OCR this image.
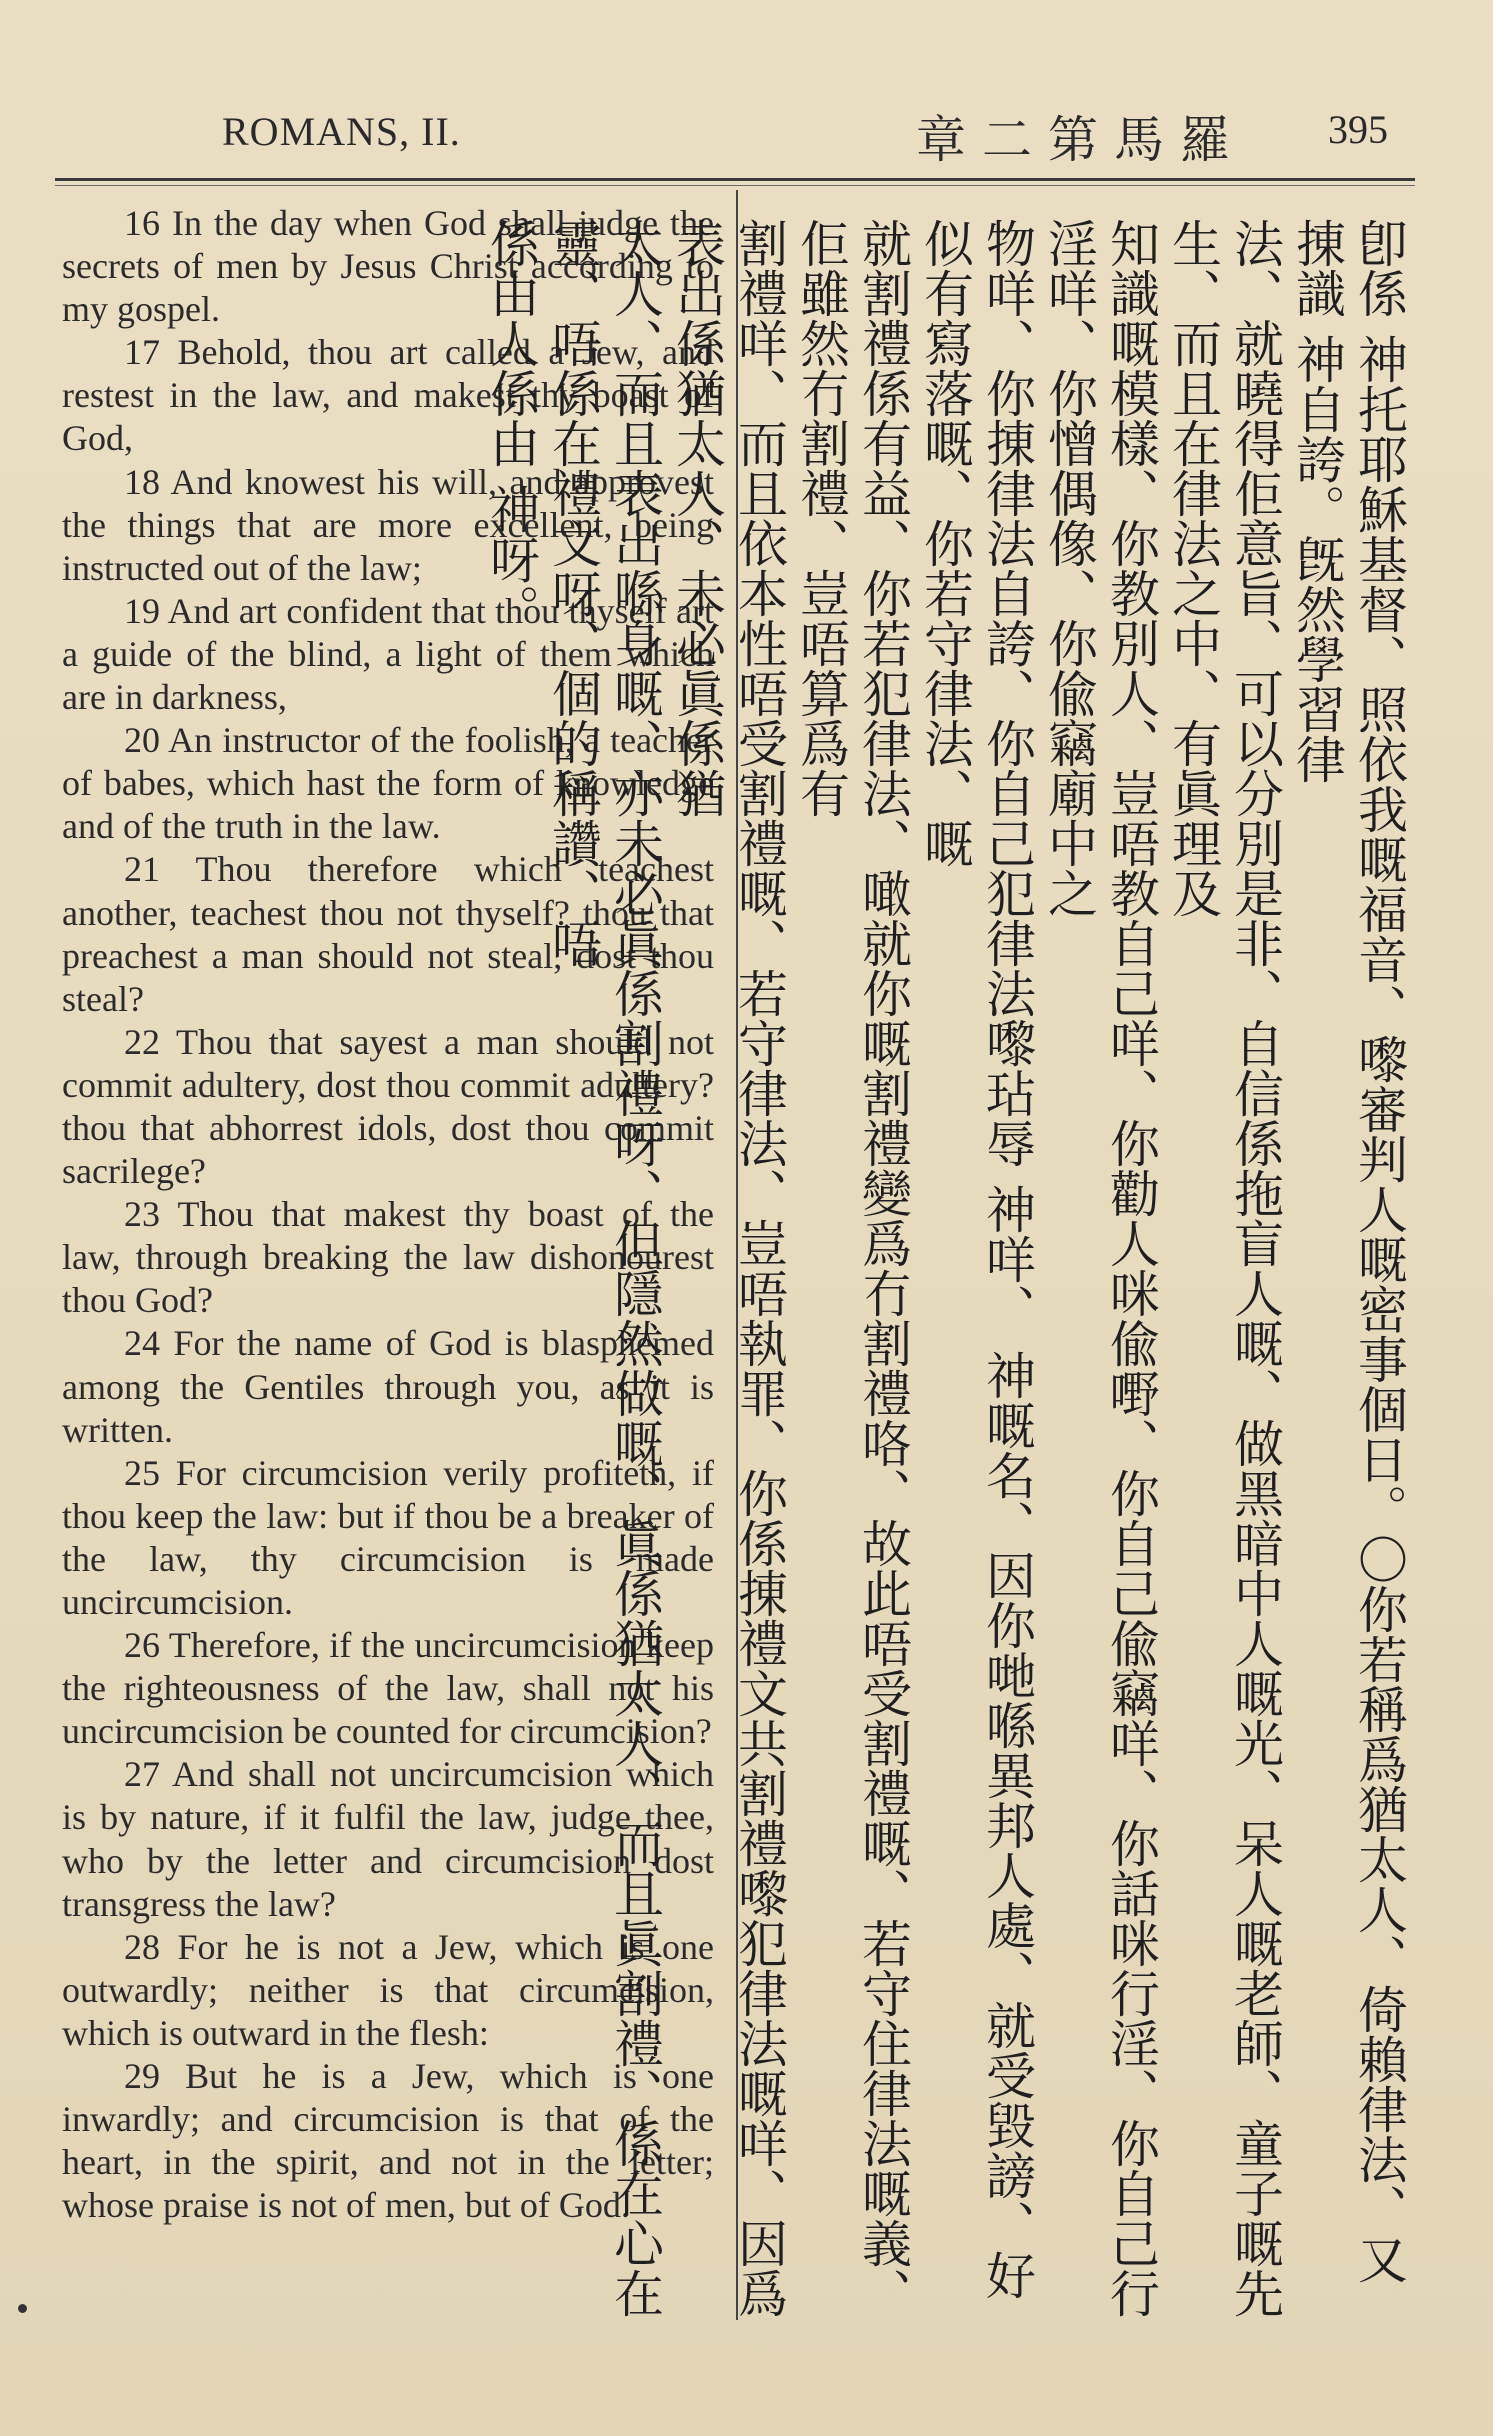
ROMANS, II.	羅馬第二章 395

16 In the day when God shall judge the secrets of men by Jesus Christ according to my gospel.

17 Behold, thou art called a Jew, and restest in the law, and makest thy boast of God,

18 And knowest his will, and approvest the things that are more excellent, being instructed out of the law;

19 And art confident that thou thyself art a guide of the blind, a light of them which are in darkness,

20 An instructor of the foolish, a teacher of babes, which hast the form of knowledge and of the truth in the law.

21 Thou therefore which teachest another, teachest thou not thyself? thou that preachest a man should not steal, dost thou steal?

22 Thou that sayest a man should not commit adultery, dost thou commit adultery? thou that abhorrest idols, dost thou commit sacrilege?

23 Thou that makest thy boast of the law, through breaking the law dishonourest thou God?

24 For the name of God is blasphemed among the Gentiles through you, as it is written.

25 For circumcision verily profiteth, if thou keep the law: but if thou be a breaker of the law, thy circumcision is made uncircumcision.

26 Therefore, if the uncircumcision keep the righteousness of the law, shall not his uncircumcision be counted for circumcision?

27 And shall not uncircumcision which is by nature, if it fulfil the law, judge thee, who by the letter and circumcision dost transgress the law?

28 For he is not a Jew, which is one outwardly; neither is that circumcision, which is outward in the flesh:

29 But he is a Jew, which is one inwardly; and circumcision is that of the heart, in the spirit, and not in the letter; whose praise is not of men, but of God.	卽係 神托耶穌基督、照依我嘅福音、嚟審判人嘅密事個日。〇你若稱爲猶太人、倚賴律法、又㨂識 神自誇。旣然學習律

法、就曉得佢意旨、可以分別是非、自信係拖盲人嘅、做黑暗中人嘅光、呆人嘅老師、童子嘅先生、而且在律法之中、有眞理及

知識嘅模樣、你教別人、豈唔教自己咩、你勸人咪偸嘢、你自己偸竊咩、你話咪行淫、你自己行淫咩、你憎偶像、你偸竊廟中之

物咩、你㨂律法自誇、你自己犯律法嚟玷辱 神咩、 神嘅名、因你哋喺異邦人處、就受毀謗、好似有寫落嘅、你若守律法、嘅

就割禮係有益、你若犯律法、噉就你嘅割禮變爲冇割禮咯、故此唔受割禮嘅、若守住律法嘅義、佢雖然冇割禮、豈唔算爲有

割禮咩、而且依本性唔受割禮嘅、若守律法、豈唔執罪、你係㨂禮文共割禮嚟犯律法嘅咩、因爲表出係猶太人、未必眞係猶

太人、而且表出喺身嘅、亦未必眞係割禮呀、但隱然做嘅、眞係猶太人、而且眞割禮、係在心在靈、唔係在禮文呀、個的稱讚、唔

係由人係由 神呀。
